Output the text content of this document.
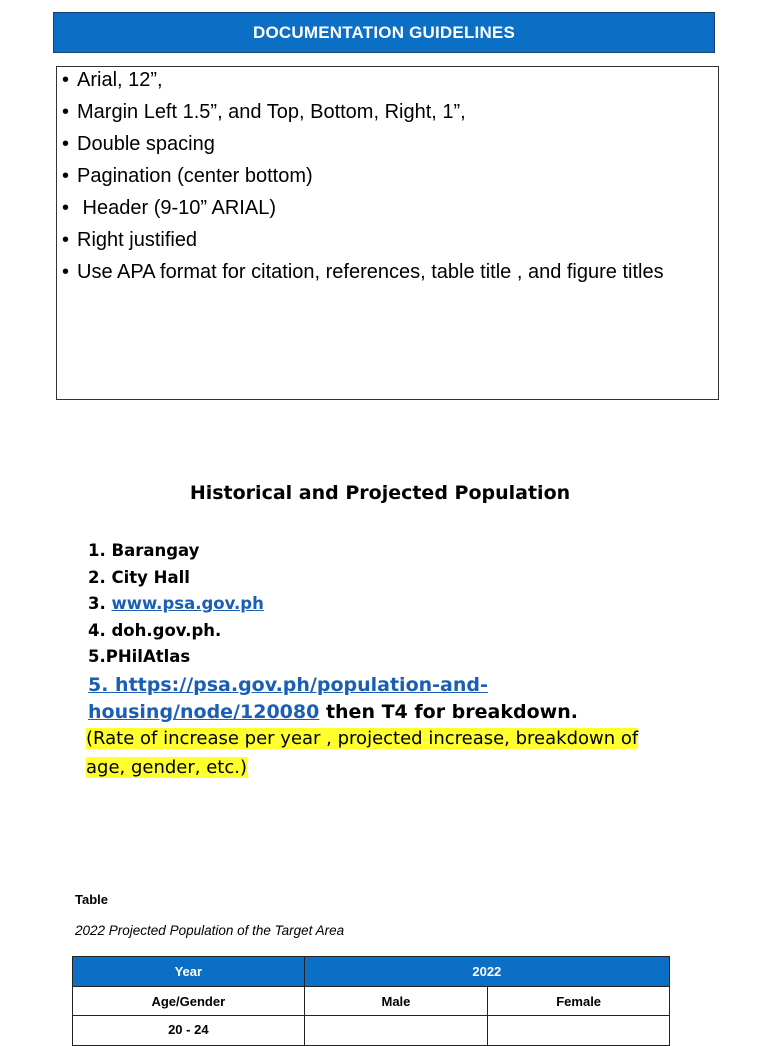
DOCUMENTATION GUIDELINES
• Arial, 12”,
• Margin Left 1.5”, and Top, Bottom, Right, 1”,
• Double spacing
• Pagination (center bottom)
• Header (9-10” ARIAL)
• Right justified
• Use APA format for citation, references, table title , and figure titles
Historical and Projected Population
1. Barangay
2. City Hall
3. www.psa.gov.ph
4. doh.gov.ph.
5.PHilAtlas
5. https://psa.gov.ph/population-and-housing/node/120080 then T4 for breakdown.
(Rate of increase per year , projected increase, breakdown of age, gender, etc.)
Table
2022 Projected Population of the Target Area
Year	2022	
Age/Gender	Male	Female
20 - 24		
